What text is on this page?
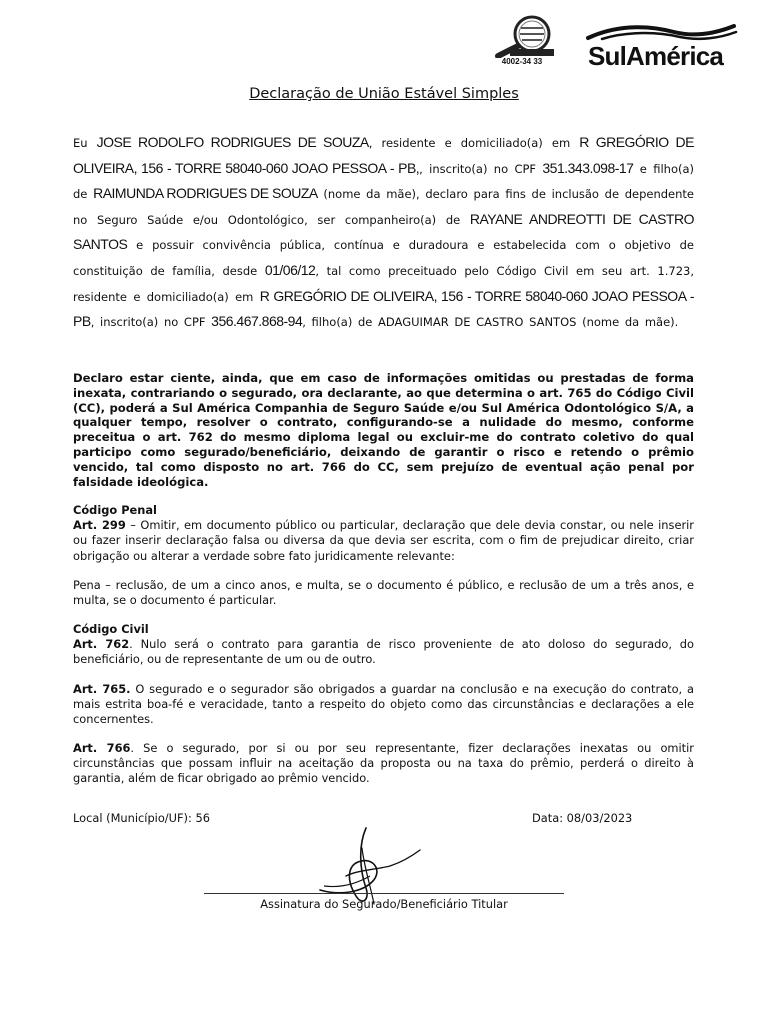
4002-34 33	SulAmérica
Declaração de União Estável Simples
Eu JOSE RODOLFO RODRIGUES DE SOUZA, residente e domiciliado(a) em R GREGÓRIO DE OLIVEIRA, 156 - TORRE 58040-060 JOAO PESSOA - PB,, inscrito(a) no CPF 351.343.098-17 e filho(a) de RAIMUNDA RODRIGUES DE SOUZA (nome da mãe), declaro para fins de inclusão de dependente no Seguro Saúde e/ou Odontológico, ser companheiro(a) de RAYANE ANDREOTTI DE CASTRO SANTOS e possuir convivência pública, contínua e duradoura e estabelecida com o objetivo de constituição de família, desde 01/06/12, tal como preceituado pelo Código Civil em seu art. 1.723, residente e domiciliado(a) em R GREGÓRIO DE OLIVEIRA, 156 - TORRE 58040-060 JOAO PESSOA - PB, inscrito(a) no CPF 356.467.868-94, filho(a) de ADAGUIMAR DE CASTRO SANTOS (nome da mãe).

Declaro estar ciente, ainda, que em caso de informações omitidas ou prestadas de forma inexata, contrariando o segurado, ora declarante, ao que determina o art. 765 do Código Civil (CC), poderá a Sul América Companhia de Seguro Saúde e/ou Sul América Odontológico S/A, a qualquer tempo, resolver o contrato, configurando-se a nulidade do mesmo, conforme preceitua o art. 762 do mesmo diploma legal ou excluir-me do contrato coletivo do qual participo como segurado/beneficiário, deixando de garantir o risco e retendo o prêmio vencido, tal como disposto no art. 766 do CC, sem prejuízo de eventual ação penal por falsidade ideológica.

Código Penal

Art. 299 – Omitir, em documento público ou particular, declaração que dele devia constar, ou nele inserir ou fazer inserir declaração falsa ou diversa da que devia ser escrita, com o fim de prejudicar direito, criar obrigação ou alterar a verdade sobre fato juridicamente relevante:

Pena – reclusão, de um a cinco anos, e multa, se o documento é público, e reclusão de um a três anos, e multa, se o documento é particular.

Código Civil

Art. 762. Nulo será o contrato para garantia de risco proveniente de ato doloso do segurado, do beneficiário, ou de representante de um ou de outro.

Art. 765. O segurado e o segurador são obrigados a guardar na conclusão e na execução do contrato, a mais estrita boa-fé e veracidade, tanto a respeito do objeto como das circunstâncias e declarações a ele concernentes.
Art. 766. Se o segurado, por si ou por seu representante, fizer declarações inexatas ou omitir circunstâncias que possam influir na aceitação da proposta ou na taxa do prêmio, perderá o direito à garantia, além de ficar obrigado ao prêmio vencido.
Local (Município/UF): 56	Data: 08/03/2023
Assinatura do Segurado/Beneficiário Titular
